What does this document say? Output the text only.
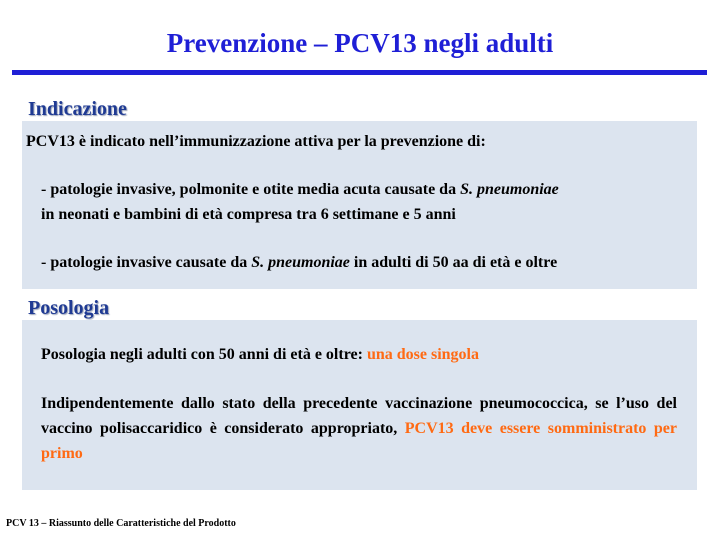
Prevenzione – PCV13 negli adulti
Indicazione
PCV13 è indicato nell’immunizzazione attiva per la prevenzione di:
- patologie invasive, polmonite e otite media acuta causate da S. pneumoniae
in neonati e bambini di età compresa tra 6 settimane e 5 anni
- patologie invasive causate da S. pneumoniae in adulti di 50 aa di età e oltre
Posologia
Posologia negli adulti con 50 anni di età e oltre: una dose singola
Indipendentemente dallo stato della precedente vaccinazione pneumococcica, se l’uso del vaccino polisaccaridico è considerato appropriato, PCV13 deve essere somministrato per primo
PCV 13 – Riassunto delle Caratteristiche del Prodotto
